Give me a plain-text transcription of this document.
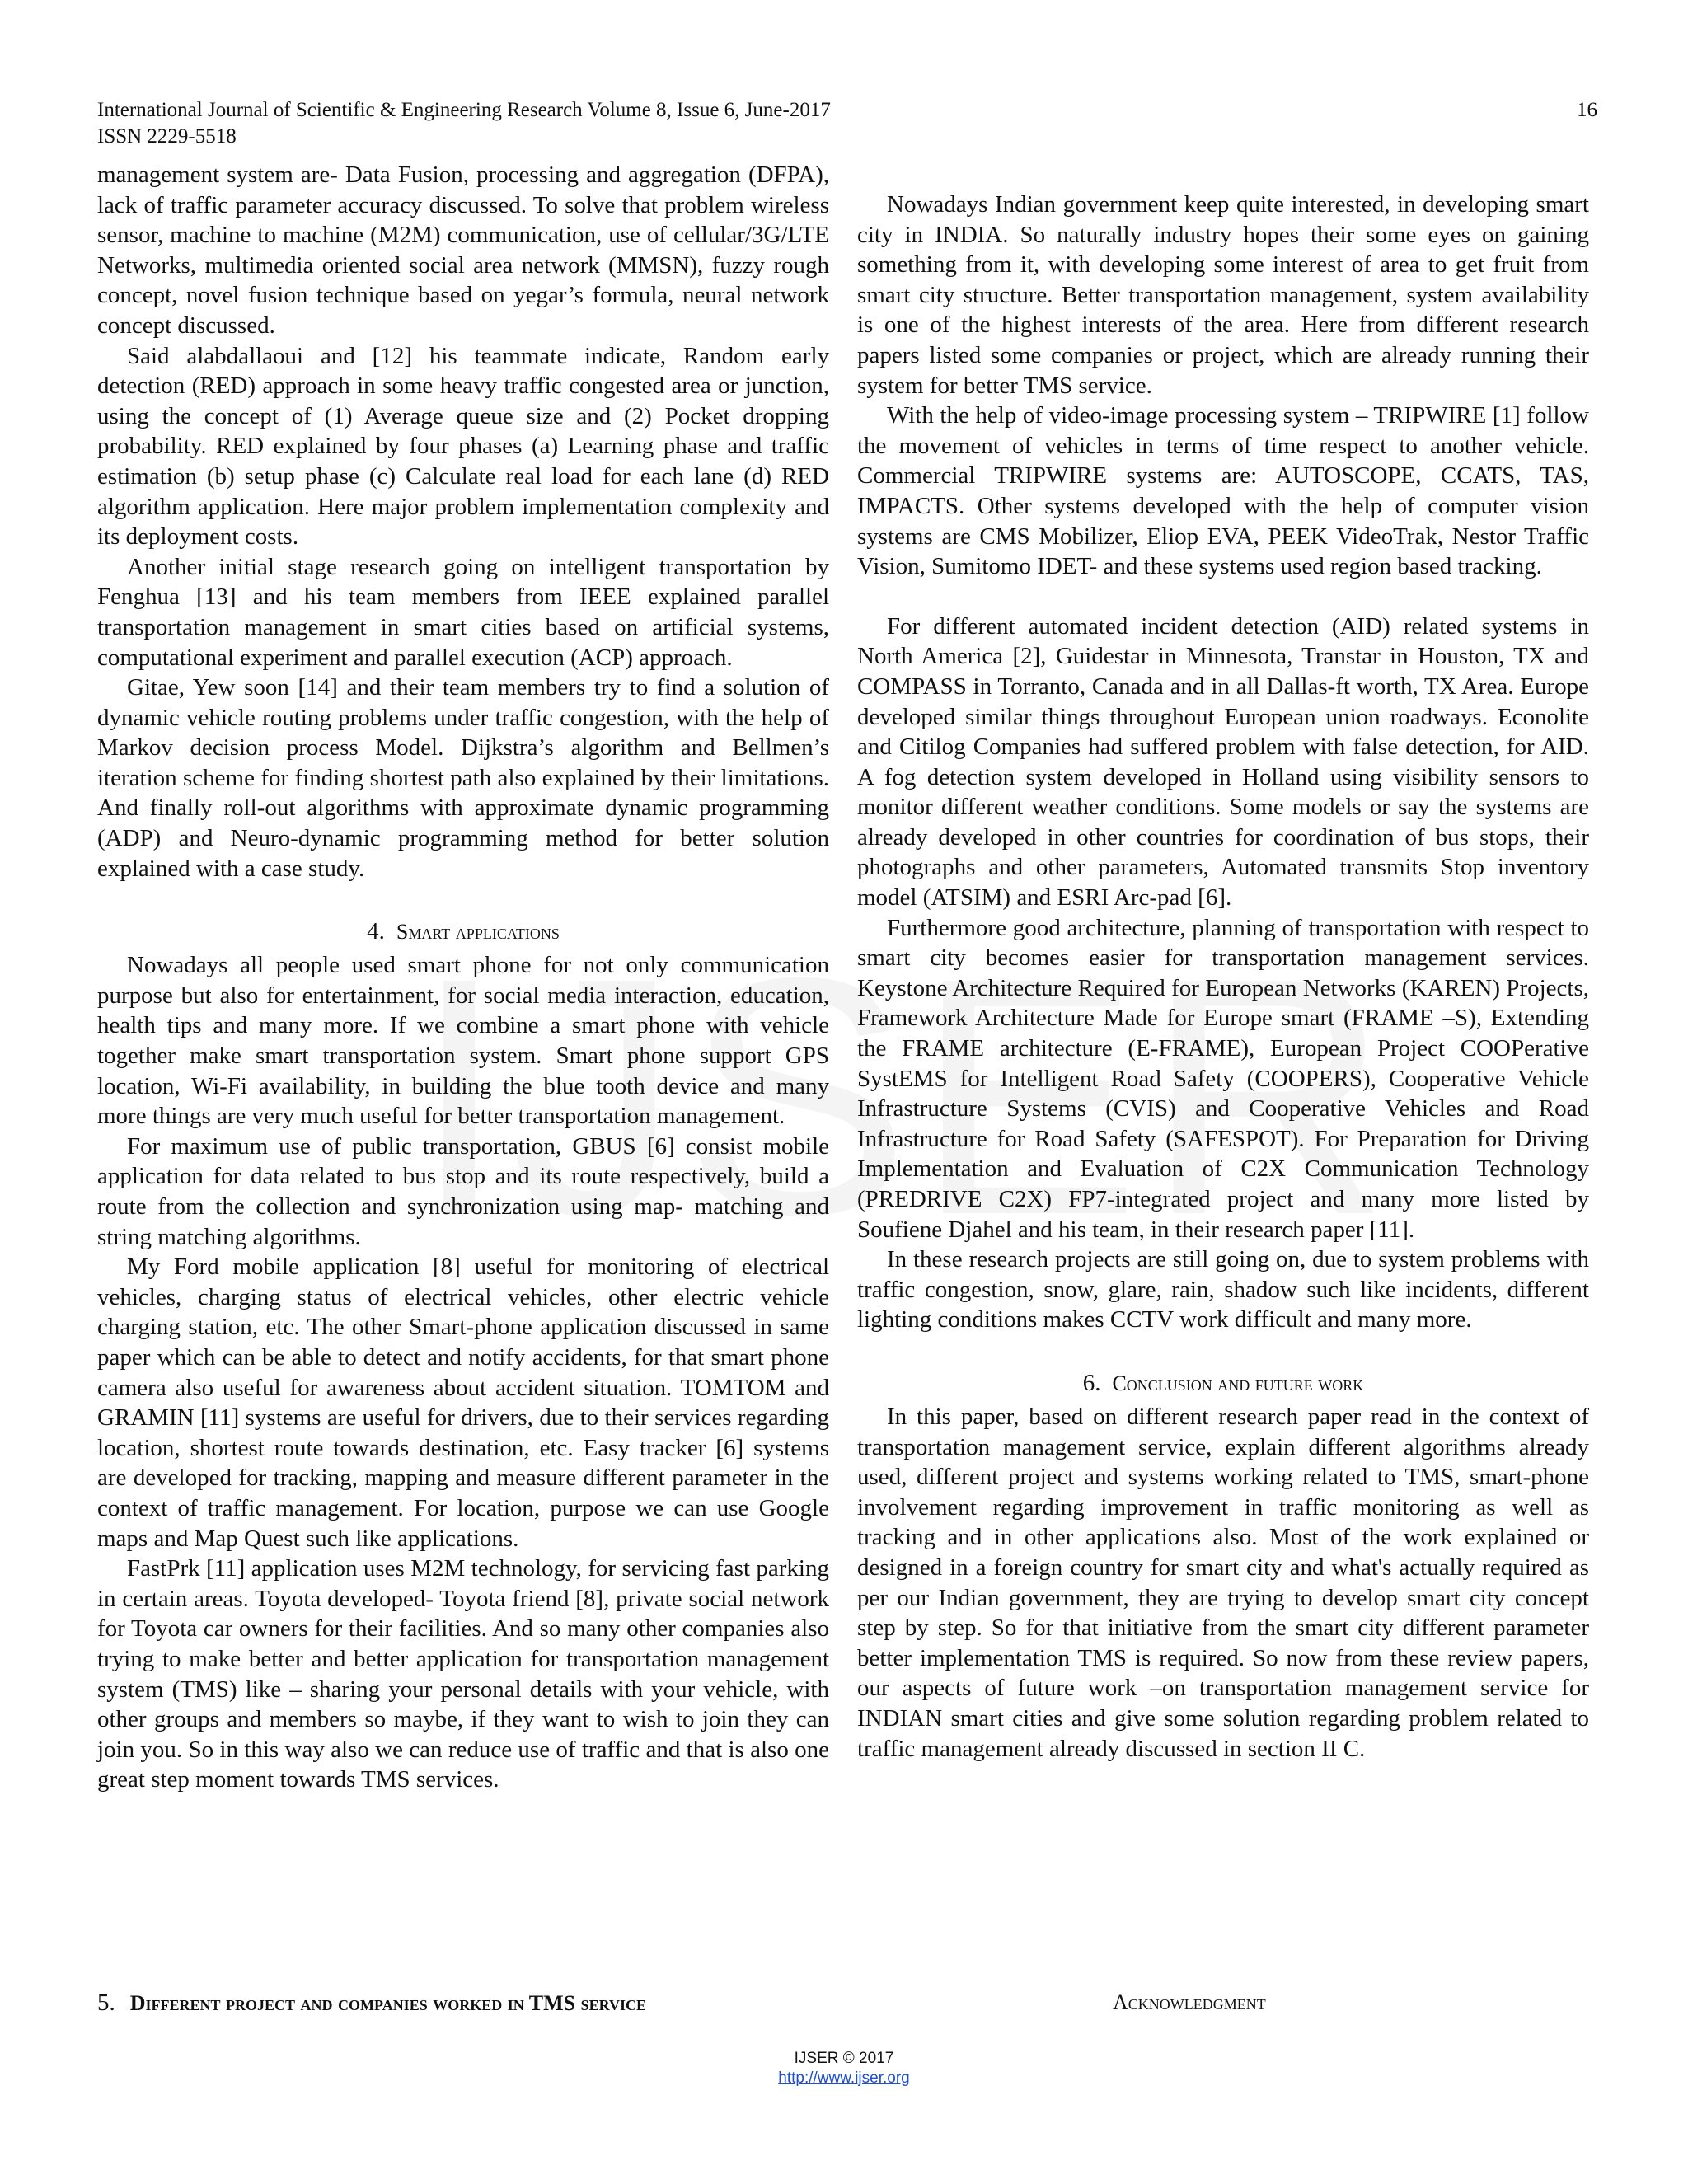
International Journal of Scientific & Engineering Research Volume 8, Issue 6, June-2017
ISSN 2229-5518
16

management system are- Data Fusion, processing and aggregation (DFPA), lack of traffic parameter accuracy discussed. To solve that problem wireless sensor, machine to machine (M2M) communication, use of cellular/3G/LTE Networks, multimedia oriented social area network (MMSN), fuzzy rough concept, novel fusion technique based on yegar’s formula, neural network concept discussed.

Said alabdallaoui and [12] his teammate indicate, Random early detection (RED) approach in some heavy traffic congested area or junction, using the concept of (1) Average queue size and (2) Pocket dropping probability. RED explained by four phases (a) Learning phase and traffic estimation (b) setup phase (c) Calculate real load for each lane (d) RED algorithm application. Here major problem implementation complexity and its deployment costs.

Another initial stage research going on intelligent transportation by Fenghua [13] and his team members from IEEE explained parallel transportation management in smart cities based on artificial systems, computational experiment and parallel execution (ACP) approach.

Gitae, Yew soon [14] and their team members try to find a solution of dynamic vehicle routing problems under traffic congestion, with the help of Markov decision process Model. Dijkstra’s algorithm and Bellmen’s iteration scheme for finding shortest path also explained by their limitations. And finally roll-out algorithms with approximate dynamic programming (ADP) and Neuro-dynamic programming method for better solution explained with a case study.

4. Smart applications

Nowadays all people used smart phone for not only communication purpose but also for entertainment, for social media interaction, education, health tips and many more. If we combine a smart phone with vehicle together make smart transportation system. Smart phone support GPS location, Wi-Fi availability, in building the blue tooth device and many more things are very much useful for better transportation management.

For maximum use of public transportation, GBUS [6] consist mobile application for data related to bus stop and its route respectively, build a route from the collection and synchronization using map- matching and string matching algorithms.

My Ford mobile application [8] useful for monitoring of electrical vehicles, charging status of electrical vehicles, other electric vehicle charging station, etc. The other Smart-phone application discussed in same paper which can be able to detect and notify accidents, for that smart phone camera also useful for awareness about accident situation. TOMTOM and GRAMIN [11] systems are useful for drivers, due to their services regarding location, shortest route towards destination, etc. Easy tracker [6] systems are developed for tracking, mapping and measure different parameter in the context of traffic management. For location, purpose we can use Google maps and Map Quest such like applications.

FastPrk [11] application uses M2M technology, for servicing fast parking in certain areas. Toyota developed- Toyota friend [8], private social network for Toyota car owners for their facilities. And so many other companies also trying to make better and better application for transportation management system (TMS) like – sharing your personal details with your vehicle, with other groups and members so maybe, if they want to wish to join they can join you. So in this way also we can reduce use of traffic and that is also one great step moment towards TMS services.

Nowadays Indian government keep quite interested, in developing smart city in INDIA. So naturally industry hopes their some eyes on gaining something from it, with developing some interest of area to get fruit from smart city structure. Better transportation management, system availability is one of the highest interests of the area. Here from different research papers listed some companies or project, which are already running their system for better TMS service.

With the help of video-image processing system – TRIPWIRE [1] follow the movement of vehicles in terms of time respect to another vehicle. Commercial TRIPWIRE systems are: AUTOSCOPE, CCATS, TAS, IMPACTS. Other systems developed with the help of computer vision systems are CMS Mobilizer, Eliop EVA, PEEK VideoTrak, Nestor Traffic Vision, Sumitomo IDET- and these systems used region based tracking.

For different automated incident detection (AID) related systems in North America [2], Guidestar in Minnesota, Transtar in Houston, TX and COMPASS in Torranto, Canada and in all Dallas-ft worth, TX Area. Europe developed similar things throughout European union roadways. Econolite and Citilog Companies had suffered problem with false detection, for AID. A fog detection system developed in Holland using visibility sensors to monitor different weather conditions. Some models or say the systems are already developed in other countries for coordination of bus stops, their photographs and other parameters, Automated transmits Stop inventory model (ATSIM) and ESRI Arc-pad [6].

Furthermore good architecture, planning of transportation with respect to smart city becomes easier for transportation management services. Keystone Architecture Required for European Networks (KAREN) Projects, Framework Architecture Made for Europe smart (FRAME –S), Extending the FRAME architecture (E-FRAME), European Project COOPerative SystEMS for Intelligent Road Safety (COOPERS), Cooperative Vehicle Infrastructure Systems (CVIS) and Cooperative Vehicles and Road Infrastructure for Road Safety (SAFESPOT). For Preparation for Driving Implementation and Evaluation of C2X Communication Technology (PREDRIVE C2X) FP7-integrated project and many more listed by Soufiene Djahel and his team, in their research paper [11].

In these research projects are still going on, due to system problems with traffic congestion, snow, glare, rain, shadow such like incidents, different lighting conditions makes CCTV work difficult and many more.

6. Conclusion and future work

In this paper, based on different research paper read in the context of transportation management service, explain different algorithms already used, different project and systems working related to TMS, smart-phone involvement regarding improvement in traffic monitoring as well as tracking and in other applications also. Most of the work explained or designed in a foreign country for smart city and what's actually required as per our Indian government, they are trying to develop smart city concept step by step. So for that initiative from the smart city different parameter better implementation TMS is required. So now from these review papers, our aspects of future work –on transportation management service for INDIAN smart cities and give some solution regarding problem related to traffic management already discussed in section II C.

5. Different project and companies worked in TMS service	Acknowledgment
IJSER © 2017
http://www.ijser.org
